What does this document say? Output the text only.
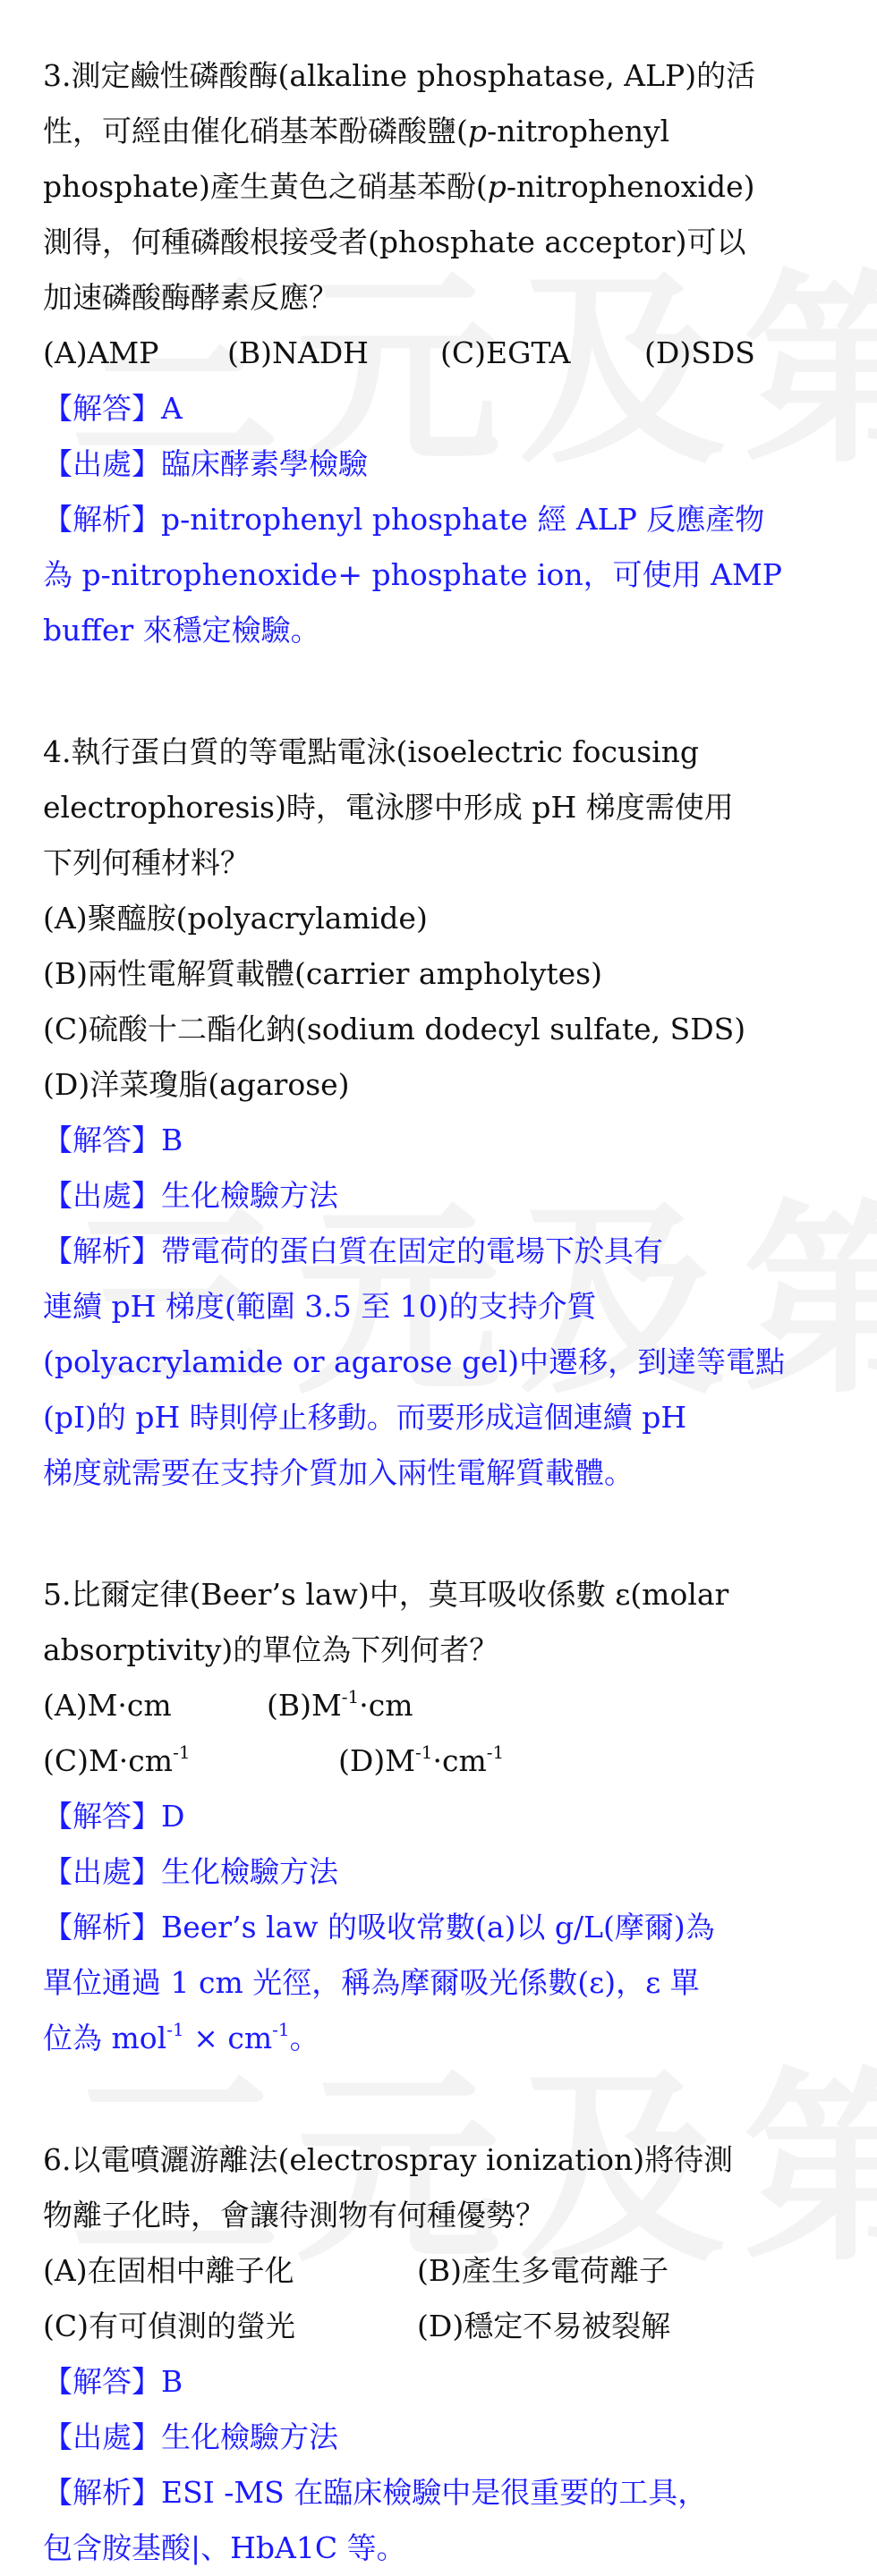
3.測定鹼性磷酸酶(alkaline phosphatase, ALP)的活
性，可經由催化硝基苯酚磷酸鹽(p-nitrophenyl
phosphate)產生黃色之硝基苯酚(p-nitrophenoxide)
測得，何種磷酸根接受者(phosphate acceptor)可以
加速磷酸酶酵素反應？
(A)AMP	(B)NADH	(C)EGTA	(D)SDS
【解答】A
【出處】臨床酵素學檢驗
【解析】p-nitrophenyl phosphate 經 ALP 反應產物
為 p-nitrophenoxide+ phosphate ion，可使用 AMP
buffer 來穩定檢驗。
4.執行蛋白質的等電點電泳(isoelectric focusing
electrophoresis)時，電泳膠中形成 pH 梯度需使用
下列何種材料？
(A)聚醯胺(polyacrylamide)
(B)兩性電解質載體(carrier ampholytes)
(C)硫酸十二酯化鈉(sodium dodecyl sulfate, SDS)
(D)洋菜瓊脂(agarose)
【解答】B
【出處】生化檢驗方法
【解析】帶電荷的蛋白質在固定的電場下於具有
連續 pH 梯度(範圍 3.5 至 10)的支持介質
(polyacrylamide or agarose gel)中遷移，到達等電點
(pI)的 pH 時則停止移動。而要形成這個連續 pH
梯度就需要在支持介質加入兩性電解質載體。
5.比爾定律(Beer’s law)中，莫耳吸收係數 ε(molar
absorptivity)的單位為下列何者？
(A)M·cm	$(B)M^{-1}\cdot cm$
$(C)M\cdot cm^{-1}$	$(D)M^{-1}\cdot cm^{-1}$
【解答】D
【出處】生化檢驗方法
【解析】Beer’s law 的吸收常數(a)以 g/L(摩爾)為
單位通過 1 cm 光徑，稱為摩爾吸光係數(ε)，ε 單
位為 $mol^{-1} \times cm^{-1}$。
6.以電噴灑游離法(electrospray ionization)將待測
物離子化時，會讓待測物有何種優勢？
(A)在固相中離子化	(B)產生多電荷離子
(C)有可偵測的螢光	(D)穩定不易被裂解
【解答】B
【出處】生化檢驗方法
【解析】ESI -MS 在臨床檢驗中是很重要的工具，
包含胺基酸|、HbA1C 等。
